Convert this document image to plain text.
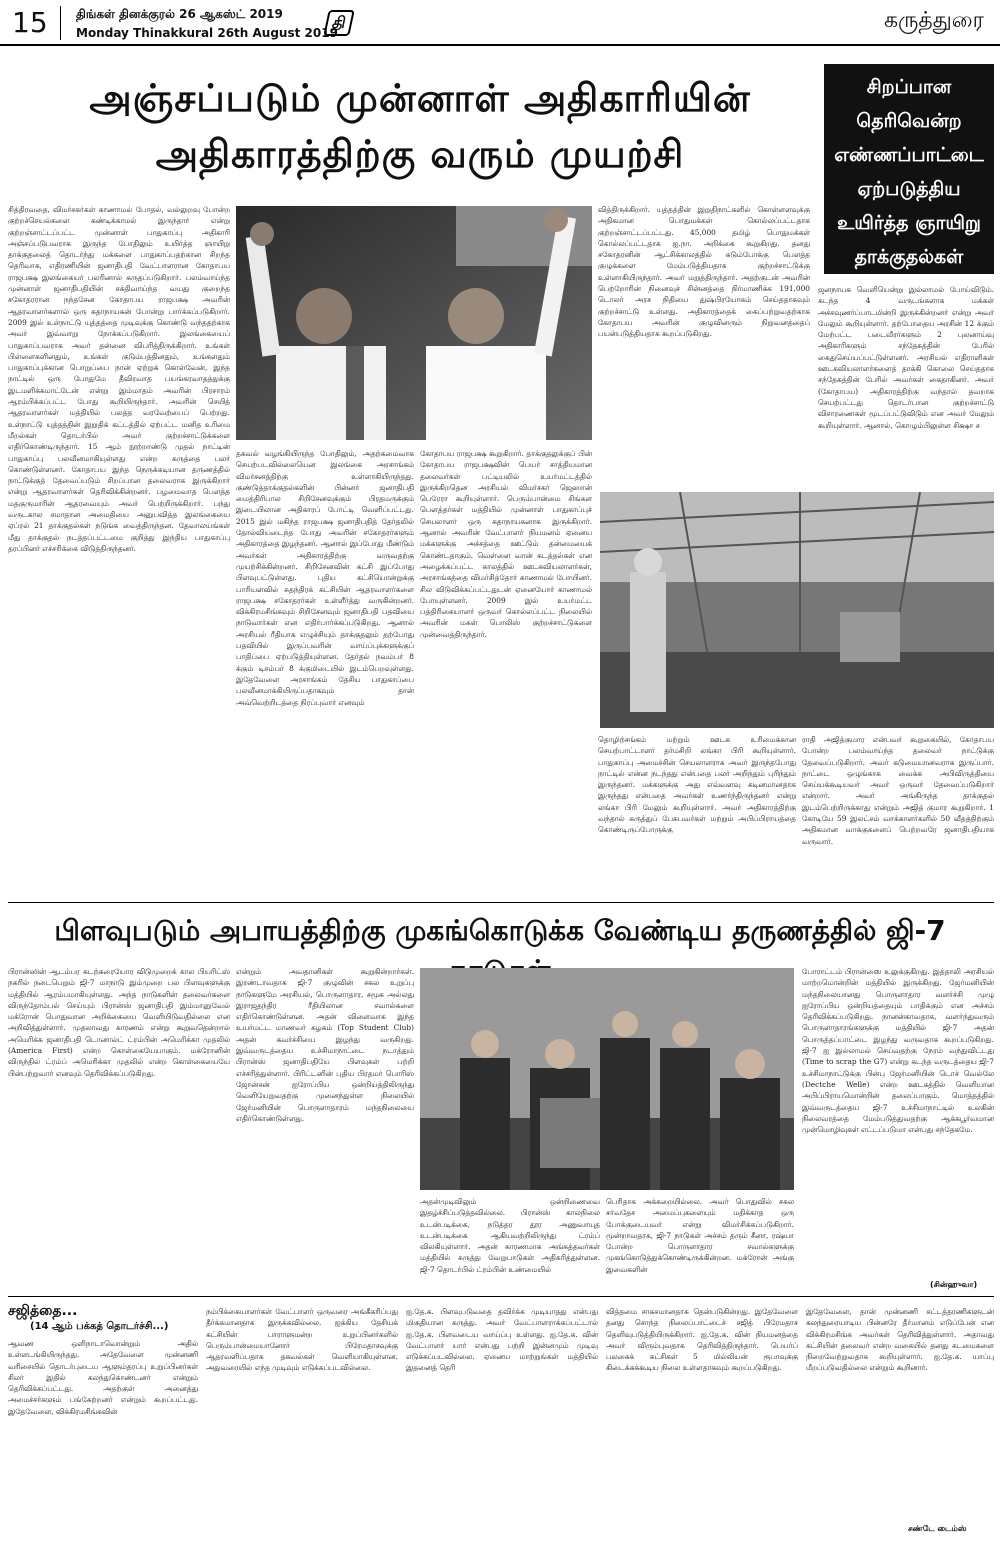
15 திங்கள் தினக்குரல் 26 ஆகஸ்ட் 2019
Monday Thinakkural 26th August 2019
தி	கருத்துரை
அஞ்சப்படும் முன்னாள் அதிகாரியின்
அதிகாரத்திற்கு வரும் முயற்சி
சிறப்பான
தெரிவென்ற
எண்ணப்பாட்டை
ஏற்படுத்திய
உயிர்த்த ஞாயிறு
தாக்குதல்கள்
சித்திரவதை, விமர்சகர்கள் காணாமல் போதல், வல்லுறவு போன்ற குற்றச்செயல்களை கண்டிக்காமல் இருந்தார் என்று குற்றஞ்சாட்டப்பட்ட முன்னாள் பாதுகாப்பு அதிகாரி அஞ்சப்படுபவராக இருந்த போதிலும் உயிர்த்த ஞாயிறு தாக்குதலைத் தொடர்ந்து மக்களை பாதுகாப்பதற்கான சிறந்த தெரிவாக, எதிரணியின் ஜனாதிபதி வேட்பாளரான கோதாபய ராஜபக்ஷ இலங்கையர் பலரினால் கருதப்படுகிறார். பலம்வாய்ந்த முன்னாள் ஜனாதிபதியின் சக்திவாய்ந்த வயது குறைந்த சகோதரரான நந்தசேன கோதாபய ராஜபக்ஷ அவரின் ஆதரவாளர்களால் ஒரு கதாநாயகன் போன்று பார்க்கப்படுகிறார். 2009 இல் உள்நாட்டு யுத்தத்தை முடிவுக்கு கொண்டு வந்ததற்காக அவர் இவ்வாறு நோக்கப்படுகிறார். இலங்கையைப் பாதுகாப்பவராக அவர் தன்னை விபரித்திருக்கிறார். உங்கள் பிள்ளைகளினதும், உங்கள் குடும்பத்தினதும், உங்களதும் பாதுகாப்புக்கான பொறுப்பை நான் ஏற்றுக் கொள்வேன், இந்த நாட்டில் ஒரு போதுமே தீவிரவாத பயங்கரவாதத்துக்கு இடமளிக்கமாட்டேன் என்று இம்மாதம் அவரின் பிரசாரம் ஆரம்பிக்கப்பட்ட போது கூறியிருந்தார். அவரின் செயித் ஆதரவாளர்கள் மத்தியில் பலத்த வரவேற்பைப் பெற்றது. உள்நாட்டு யுத்தத்தின் இறுதிக் கட்டத்தில் ஏற்பட்ட மனித உரிமை மீறல்கள் தொடர்பில் அவர் குற்றச்சாட்டுக்களை எதிர்கொண்டிருந்தார். 15 ஆம் நூற்றாண்டு முதல் நாட்டின் பாதுகாப்பு பலவீனமாகியுள்ளது என்ற கருத்தை பலர் கொண்டுள்ளனர். கோதாபய இந்த நெருக்கடியான தருணத்தில் நாட்டுக்குத் தேவைப்படும் சிறப்பான தலைவராக இருக்கிறார் என்று ஆதரவாளர்கள் தெரிவிக்கின்றனர். பழமைவாத பௌத்த மதகுருமாரின் ஆதரவையும் அவர் பெற்றிருக்கிறார். பந்து வருடகால சமாதான அமைதியை அனுபவித்த இலங்கையை ஏப்ரல் 21 தாக்குதல்கள் நடுங்க வைத்திருந்தன. தேவாலயங்கள் மீது தாக்குதல் நடத்தப்பட்டமை குறித்து இந்திய பாதுகாப்பு தரப்பினர் எச்சரிக்கை விடுத்திருந்தனர்.
தகவல் வழங்கியிருந்த போதிலும், அதற்கமைவாக செயற்படவில்லையென இலங்கை அரசாங்கம் விமர்சனத்திற்கு உள்ளாகியிருந்தது. குண்டுத்தாக்குதல்களின் பின்னர் ஜனாதிபதி மைத்திரிபால சிறிசேனவுக்கும் பிரதமருக்கும் இடையிலான அதிகாரப் போட்டி வெளிப்பட்டது. 2015 இல் மகிந்த ராஜபக்ஷ ஜனாதிபதித் தேர்தலில் தோல்வியடைந்த போது அவரின் சகோதரர்களும் அதிகாரத்தை இழந்தனர். ஆனால் இப்போது மீண்டும் அவர்கள் அதிகாரத்திற்கு வருவதற்கு முயற்சிக்கின்றனர். சிறிசேனவின் கட்சி இப்போது பிளவுபட்டுள்ளது. புதிய கட்சியொன்றுக்கு பாரியளவில் சுதந்திரக் கட்சியின் ஆதரவாளர்களை ராஜபக்ஷ சகோதரர்கள் உள்ளீர்த்து வருகின்றனர். விக்கிரமசிங்கவும் சிறிசேனவும் ஜனாதிபதி பதவியை நாடுவார்கள் என எதிர்பார்க்கப்படுகிறது. ஆனால் அரசியல் ரீதியாக எழுச்சியும் தாக்குதலும் தற்போது பதவியில் இருப்பவரின் வாய்ப்புக்களுக்குப் பாதிப்பை ஏற்படுத்தியுள்ளன. தேர்தல் நவம்பர் 8 க்கும் டிசம்பர் 8 க்குமிடையில் இடம்பெறவுள்ளது. இதேவேளை அரசாங்கம் தேசிய பாதுகாப்பை பலவீனமாக்கியிருப்பதாகவும் தான் அவ்வெற்றிடத்தை நிரப்புவார் எனவும்
வித்திருக்கிறார். யுத்தத்தின் இறுதிநாட்களில் கொள்ளளவுக்கு அதிகமான பொதுமக்கள் கொல்லப்பட்டதாக குற்றஞ்சாட்டப்பட்டது. 45,000 தமிழ் பொதுமக்கள் கொல்லப்பட்டதாக ஐ.நா. அறிக்கை கூறுகிறது. தனது சகோதரனின் ஆட்சிக்காலத்தில் கடும்போக்கு பௌத்த குழுக்களை மேம்படுத்தியதாக குற்றச்சாட்டுக்கு உள்ளாகியிருந்தார். அவர் மறுத்திருந்தார். அதற்குடன் அவரின் பெற்றோரின் நினைவுச் சின்னத்தை நிர்மாணிக்க 191,000 டொலர் அரச நிதியை துஷ்பிரயோகம் செய்ததாகவும் குற்றச்சாட்டு உள்ளது. அதிகாரத்தைக் கைப்பற்றுவதற்காக கோதாபய அவரின் குழுவினரும் நிறுவனத்தைப் பயன்படுத்தியதாக கூறப்படுகிறது.
கோதாபய ராஜபக்ஷ கூறுகிறார். தாக்குதலுக்குப் பின் கோதாபய ராஜபக்ஷவின் பெயர் சாத்தியமான தலைவர்கள் பட்டியலில் உயர்மட்டத்தில் இருக்கிறதென அரசியல் விமர்சகர் ஜெஹான் பெரேரா கூறியுள்ளார். பெரும்பான்மை சிங்கள பௌத்தர்கள் மத்தியில் முன்னாள் பாதுகாப்புச் செயலாளர் ஒரு கதாநாயகனாக இருக்கிறார். ஆனால் அவரின் வேட்பாளர் நியமனம் ஏனைய மக்களுக்கு அச்சத்தை ஊட்டும் தன்மையைக் கொண்டதாகும். வெள்ளை வான் கடத்தல்கள் என அழைக்கப்பட்ட காலத்தில் ஊடகவியலாளர்கள், அரசாங்கத்தை விமர்சித்தோர் காணாமல் போயினர். சில விடுவிக்கப்பட்டதுடன் ஏனையோர் காணாமல் போயுள்ளனர். 2009 இல் உயர்மட்ட பத்திரிகையாளர் ஒருவர் கொல்லப்பட்ட நிலையில் அவரின் மகள் பொலிஸ் குற்றச்சாட்டுகளை முன்வைத்திருந்தார்.
தொழிற்சங்கம் மற்றும் ஊடக உரிமைக்கான செயற்பாட்டாளர் தர்மசிறி லங்கா பிரி கூறியுள்ளார். பாதுகாப்பு அமைச்சின் செயலாளராக அவர் இருந்தபோது நாட்டில் என்ன நடந்தது என்பதை பலர் அறிந்தும் புரிந்தும் இருந்தனர். மக்களுக்கு அது எவ்வளவு கடினமானதாக இருந்தது என்பதை அவர்கள் உணர்ந்திருந்தனர் என்று லங்கா பிரி மேலும் கூறியுள்ளார். அவர் அதிகாரத்திற்கு வந்தால் கருத்துப் பேசுபவர்கள் மற்றும் அபிப்பிராயத்தை கொண்டிருப்போருக்கு
ஜனநாயக வெளியென்று இல்லாமல் போய்விடும். கடந்த 4 வருடங்களாக மக்கள் அச்சவுணர்ப்பாடமின்றி இருக்கின்றனர் என்று அவர் மேலும் கூறியுள்ளார். தற்போதைய அரசின் 12 க்கும் மேற்பட்ட படைவீரர்களும் 2 புலனாய்வு அதிகாரிகளும் சந்தேகத்தின் பேரில் கைதுசெய்யப்பட்டுள்ளனர். அரசியல் எதிராளிகள் ஊடகவியலாளர்களைத் தாக்கி கொலை செய்ததாக சந்தேகத்தின் பேரில் அவர்கள் கைதாகினர். அவர் (கோதாபய) அதிகாரத்திற்கு வந்தால் தவறாக செயற்பட்டது தொடர்பான குற்றச்சாட்டு விசாரணைகள் மூடப்பட்டுவிடும் என அவர் மேலும் கூறியுள்ளார். ஆனால், கொழும்பிலுள்ள சிக்ஷா ச
ராதி அஜித்குமார என்பவர் கூறுகையில், கோதாபய போன்ற பலம்வாய்ந்த தலைவர் நாட்டுக்கு தேவைப்படுகிறார். அவர் கடுமையானவராக இருப்பார். நாட்டை ஒழுங்காக வைக்க அபிவிருத்தியை செய்யக்கூடியவர் அவர் ஒருவர் தேவைப்படுகிறார் என்றார். அவர் அங்கிருந்த தாக்குதல் இடம்பெற்றிருக்காது என்றும் அஜித் குமார கூறுகிறார். 1 கோடியே 59 இலட்சம் வாக்காளர்களில் 50 வீதத்திற்கும் அதிகமான வாக்குகளைப் பெற்றவரே ஜனாதிபதியாக வருவார்.
பிளவுபடும் அபாயத்திற்கு முகங்கொடுக்க வேண்டிய தருணத்தில் ஜி-7
பிரான்ஸின் ஆடம்பர கடற்கரையோர விடுமுறைக் கால பியரிட்ஸ் நகரில் நடைபெறும் ஜி-7 மாநாடு இம்முறை பல பிளவுகளுக்கு மத்தியில் ஆரம்பமாகியுள்ளது. அந்த நாடுகளின் தலைவர்களை விருந்தோம்பல் செய்யும் பிரான்ஸ் ஜனாதிபதி இம்மானுவேல் மக்ரோன் பொதுவான அறிக்கையை வெளியிடுவதில்லை என அறிவித்துள்ளார். முதலாவது காரணம் என்று கூறுவதென்றால் அமெரிக்க ஜனாதிபதி டொனால்ட் ட்ரம்பின் அமெரிக்கா முதலில் (America First) என்ற கொள்கையேயாகும். மக்ரோனின் விருந்தில் ட்ரம்ப் அமெரிக்கா முதலில் என்ற கொள்கையையே பின்பற்றுவார் எனவும் தெரிவிக்கப்படுகிறது.
என்றும் அவதானிகள் கூறுகின்றார்கள். இரண்டாவதாக ஜி-7 குழுவின் சகல உறுப்பு நாடுகளுமே அரசியல், பொருளாதார, சமூக அல்லது இராஜதந்திர ரீதியிலான சவால்களை எதிர்கொண்டுள்ளன. அதன் விளைவாக இந்த உயர்மட்ட மாணவர் கழகம் (Top Student Club) அதன் கவர்ச்சியை இழந்து வருகிறது. இவ்வருடத்தைய உச்சிமாநாட்டை நடாத்தும் பிரான்ஸ் ஜனாதிபதியே பிளவுகள் பற்றி எச்சரித்துள்ளார். பிரிட்டனின் புதிய பிரதமர் பொரிஸ் ஜோன்சன் ஐரோப்பிய ஒன்றியத்திலிருந்து வெளியேறுவதற்கு முனைந்துள்ள நிலையில் ஜேர்மனியின் பொருளாதாரம் மந்தநிலையை எதிர்கொண்டுள்ளது.
அதன்முடிவிலும் ஒன்றிணைவை இதழ்ச்சிப்படுத்தவில்லை. பிரான்ஸ் காலநிலை உடன்படிக்கை, நடுத்தர தூர அணுவாயுத உடன்படிக்கை ஆகியவற்றிலிருந்து ட்ரம்ப் விலகியுள்ளார். அதன் காரணமாக அங்கத்தவர்கள் மத்தியில் கருத்து வேறுபாடுகள் அதிகரித்துள்ளன. ஜி-7 தொடர்பில் ட்ரம்பின் உண்மையில்
பெரிதாக அக்கறையில்லை. அவர் பொதுவில் சகல சர்வதேச அமைப்புகளையும் மதிக்காத ஒரு போக்குடையவர் என்று விமர்சிக்கப்படுகிறார். மூன்றாவதாக, ஜி-7 நாடுகள் அச்சம் தரும் சீனா, ரஷ்யா போன்ற பொருளாதார சவால்களுக்கு முகங்கொடுத்துக்கொண்டிருக்கின்றன. மக்ரோன் அங்கு இவைகளின்
போராட்டம் பிரான்ஸை உலுக்குகிறது. இத்தாலி அரசியல் மாற்றமொன்றின் மத்தியில் இருக்கிறது. ஜேர்மனியின் மந்தநிலையானது பொருளாதார வளர்ச்சி முழு ஐரோப்பிய ஒன்றியத்தையும் பாதிக்கும் என அச்சம் தெரிவிக்கப்படுகிறது. நானன்காவதாக, வளர்ந்துவரும் பொருளாதாரங்களுக்கு மத்தியில் ஜி-7 அதன் பொருத்தப்பாட்டை இழந்து வருவதாக கூறப்படுகிறது. ஜி-7 ஐ இல்லாமல் செய்வதற்கு நேரம் வந்துவிட்டது (Time to scrap the G7) என்று கடந்த வருடத்தைய ஜி-7 உச்சிமாநாட்டுக்கு பின்பு ஜேர்மனியின் டொச் வெல்லே (Dectche Welle) என்ற ஊடகத்தில் வெளியான அபிப்பிராயமொன்றின் தலைப்பாகும். மொத்தத்தில் இவ்வருடத்தைய ஜி-7 உச்சிமாநாட்டில் உலகின் நிலைவரத்தை மேம்படுத்துவதற்கு ஆக்கபூர்வமான முன்மொழிவுகள் எட்டப்படுமா என்பது சந்தேகமே.
(சின்ஹுவா)
சஜித்தை...
(14 ஆம் பக்கத் தொடர்ச்சி...)
ஆவண ஒளிநாடாவொன்றும் அதில் உள்ளடங்கியிருந்தது. அதேவேளை முன்னணி வரிசையில் தொடர்புடைய ஆளும்தரப்பு உறுப்பினர்கள் சிலர் இதில் கலந்துகொண்டனர் என்றும் தெரிவிக்கப்பட்டது. அதற்குள் அனைத்து அமைச்சர்களும் பங்கேற்றனர் என்றும் கூறப்பட்டது. இதேவேளை, விக்கிரமசிங்கவின்
நம்பிக்கையாளர்கள் வேட்பாளர் ஒருவரை அங்கீகரிப்பது தீர்க்கமானதாக இருக்கவில்லை. ஐக்கிய தேசியக் கட்சியின் பாராளுமன்ற உறுப்பினர்களில் பெரும்பான்மையானோர் பிரேமதாசவுக்கு ஆதரவளிப்பதாக தகவல்கள் வெளியாகியுள்ளன. அதுவரையில் எந்த முடிவும் எடுக்கப்படவில்லை.
ஐ.தே.க. பிளவுபடுவதை தவிர்க்க முடியாதது என்பது மிகுதியான கருத்து. அவர் வேட்பாளராக்கப்பட்டால் ஐ.தே.க. பிளவடைய வாய்ப்பு உள்ளது. ஐ.தே.க. வின் வேட்பாளர் யார் என்பது பற்றி இன்னமும் முடிவு எடுக்கப்படவில்லை. ஏனைய மாற்றுங்கள் மத்தியில் இதனைத் தெரி
வித்தமை சாகசமானதாக தென்படுகின்றது. இதேவேளை தனது சொந்த நிலைப்பாட்டைச் சஜித் பிரேமதாச தெளிவுபடுத்தியிருக்கிறார். ஐ.தே.க. வின் நியமனத்தை அவர் விரும்புவதாக தெரிவித்திருந்தார். பெயர்ப் பலகைக் கட்சிகள் 5 மில்லியன் ரூபாவுக்கு கிடைக்கக்கூடிய நிலை உள்ளதாகவும் கூறப்படுகிறது.
இதேவேளை, தான் முன்னணி சட்டத்தரணிகளுடன் கலந்துரையாடிய பின்னரே தீர்மானம் எடுப்பேன் என விக்கிரமசிங்க அவர்கள் தெரிவித்துள்ளார். அதாவது கட்சியின் தலைவர் என்ற வகையில் தனது கடமைகளை நிறைவேற்றுவதாக கூறியுள்ளார். ஐ.தே.க. யாப்பு மீறப்படுவதில்லை என்றும் கூறினார்.
சண்டே டைம்ஸ்
